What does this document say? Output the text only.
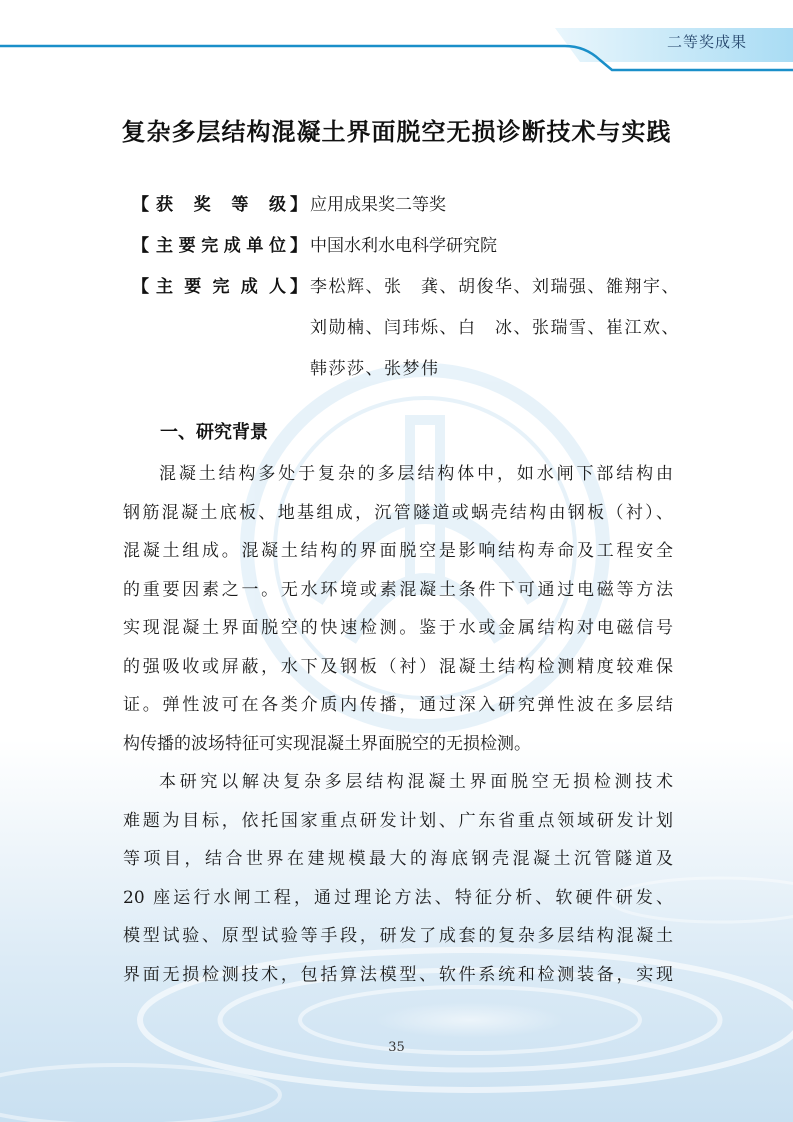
二等奖成果
复杂多层结构混凝土界面脱空无损诊断技术与实践
【 获 奖 等 级 】 应用成果奖二等奖
【 主 要 完 成 单 位 】 中国水利水电科学研究院
【 主 要 完 成 人 】 李松辉、张　龚、胡俊华、刘瑞强、雒翔宇、
刘勋楠、闫玮烁、白　冰、张瑞雪、崔江欢、
韩莎莎、张梦伟
一、研究背景
混凝土结构多处于复杂的多层结构体中，如水闸下部结构由
钢筋混凝土底板、地基组成，沉管隧道或蜗壳结构由钢板（衬）、
混凝土组成。混凝土结构的界面脱空是影响结构寿命及工程安全
的重要因素之一。无水环境或素混凝土条件下可通过电磁等方法
实现混凝土界面脱空的快速检测。鉴于水或金属结构对电磁信号
的强吸收或屏蔽，水下及钢板（衬）混凝土结构检测精度较难保
证。弹性波可在各类介质内传播，通过深入研究弹性波在多层结
构传播的波场特征可实现混凝土界面脱空的无损检测。
本研究以解决复杂多层结构混凝土界面脱空无损检测技术
难题为目标，依托国家重点研发计划、广东省重点领域研发计划
等项目，结合世界在建规模最大的海底钢壳混凝土沉管隧道及
20 座运行水闸工程，通过理论方法、特征分析、软硬件研发、
模型试验、原型试验等手段，研发了成套的复杂多层结构混凝土
界面无损检测技术，包括算法模型、软件系统和检测装备，实现
35
